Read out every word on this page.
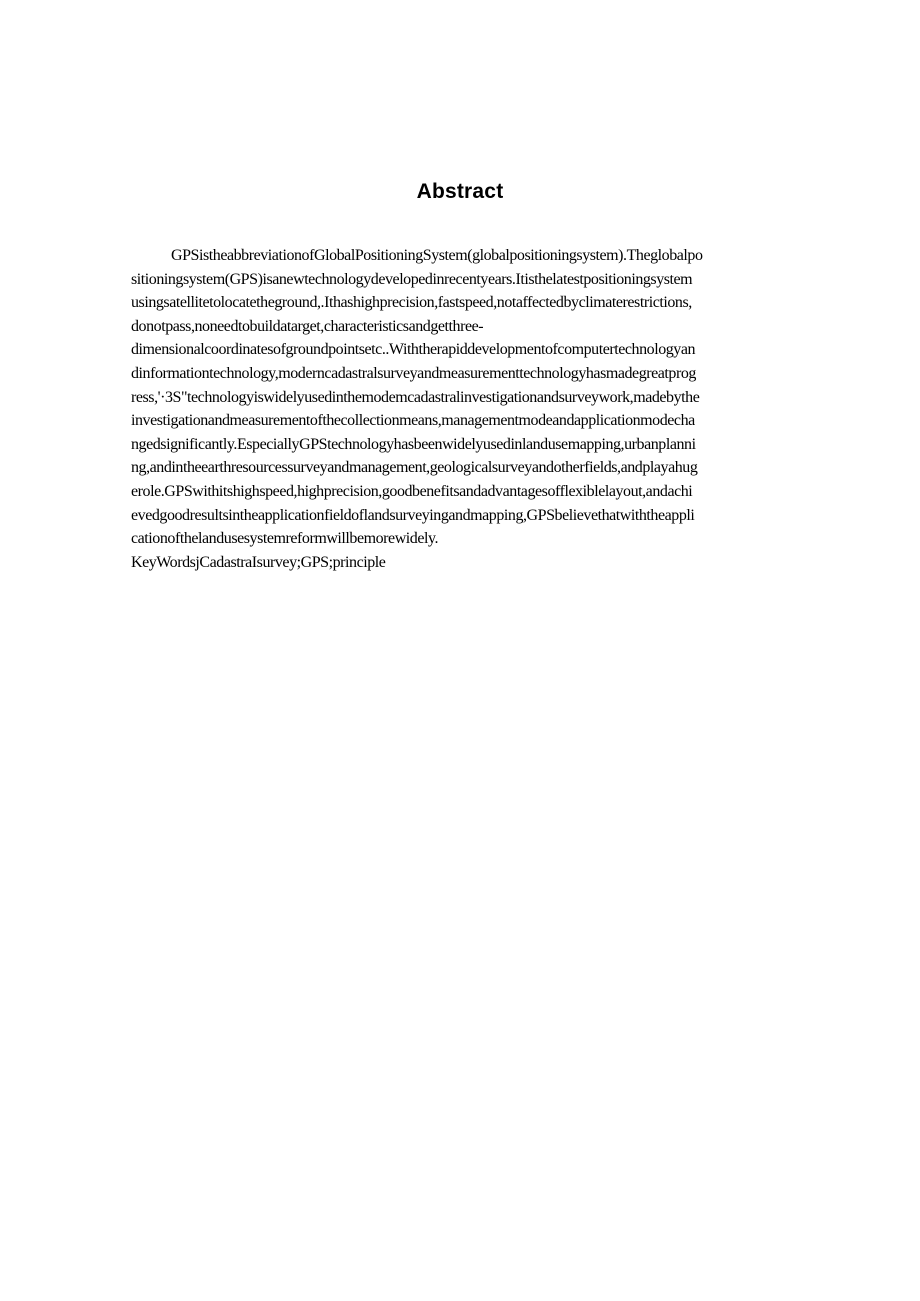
Abstract
GPSistheabbreviationofGlobalPositioningSystem(globalpositioningsystem).Theglobalpo
sitioningsystem(GPS)isanewtechnologydevelopedinrecentyears.Itisthelatestpositioningsystem
usingsatellitetolocatetheground,.Ithashighprecision,fastspeed,notaffectedbyclimaterestrictions,
donotpass,noneedtobuildatarget,characteristicsandgetthree-
dimensionalcoordinatesofgroundpointsetc..Withtherapiddevelopmentofcomputertechnologyan
dinformationtechnology,moderncadastralsurveyandmeasurementtechnologyhasmadegreatprog
ress,'·3S"technologyiswidelyusedinthemodemcadastralinvestigationandsurveywork,madebythe
investigationandmeasurementofthecollectionmeans,managementmodeandapplicationmodecha
ngedsignificantly.EspeciallyGPStechnologyhasbeenwidelyusedinlandusemapping,urbanplanni
ng,andintheearthresourcessurveyandmanagement,geologicalsurveyandotherfields,andplayahug
erole.GPSwithitshighspeed,highprecision,goodbenefitsandadvantagesofflexiblelayout,andachi
evedgoodresultsintheapplicationfieldoflandsurveyingandmapping,GPSbelievethatwiththeappli
cationofthelandusesystemreformwillbemorewidely.
KeyWordsjCadastraIsurvey;GPS;principle
